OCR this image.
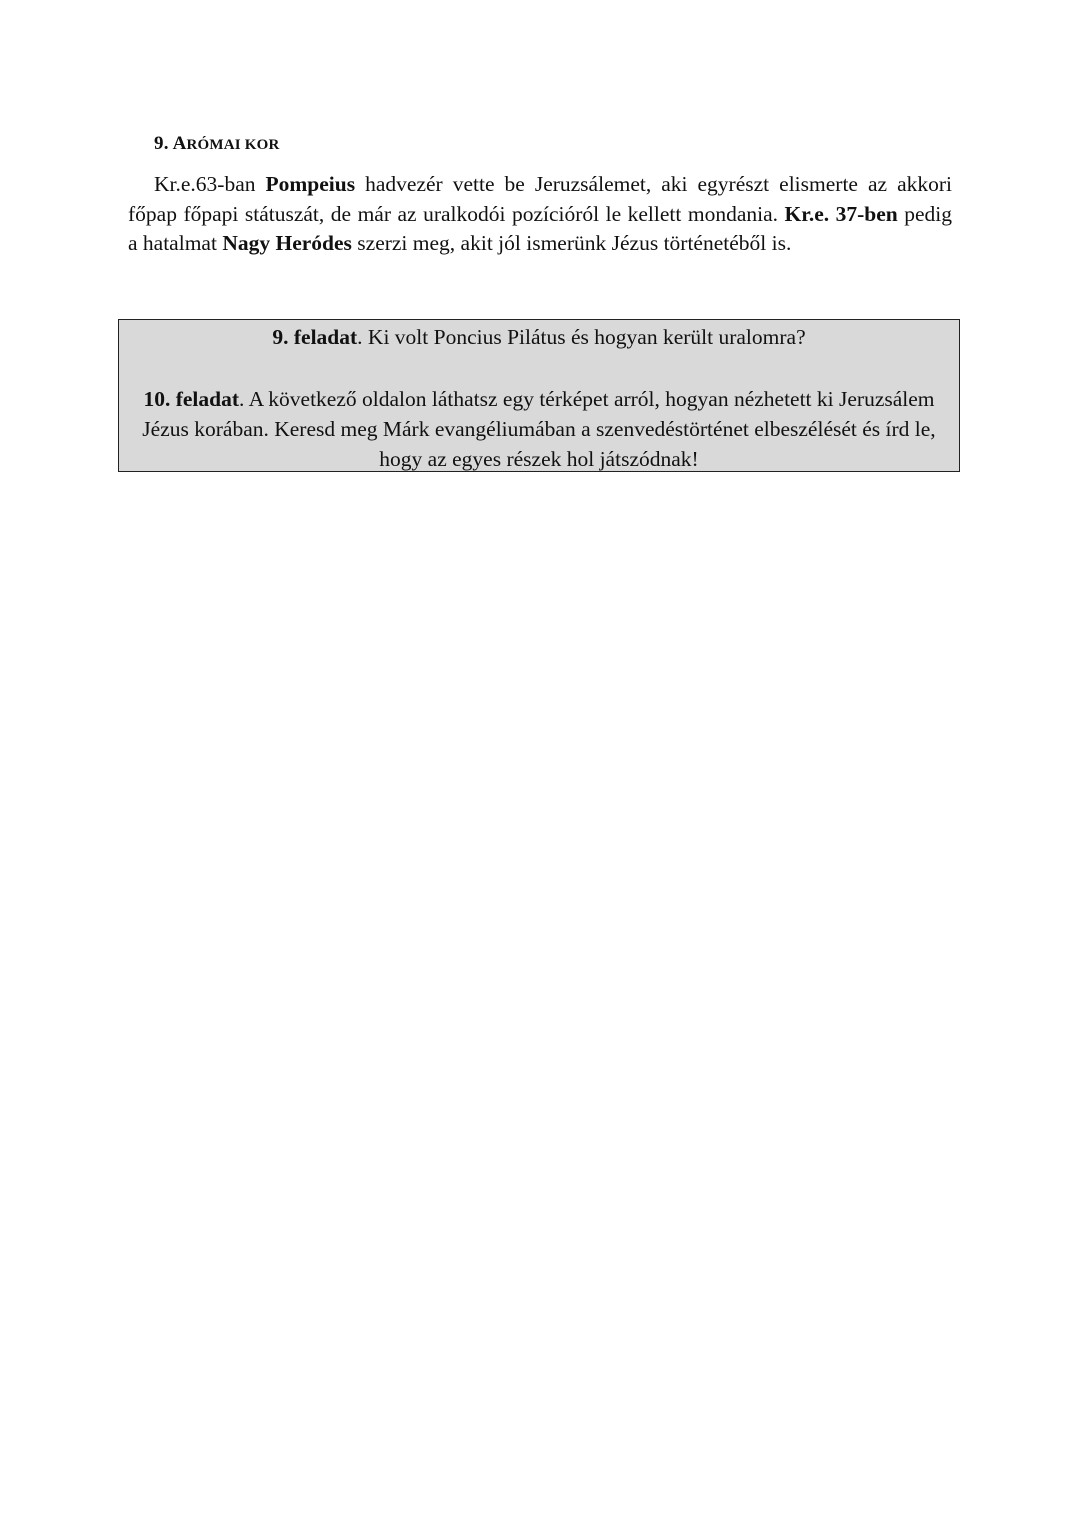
9. ARÓMAI KOR

Kr.e.63-ban Pompeius hadvezér vette be Jeruzsálemet, aki egyrészt elismerte az akkori főpap főpapi státuszát, de már az uralkodói pozícióról le kellett mondania. Kr.e. 37-ben pedig a hatalmat Nagy Heródes szerzi meg, akit jól ismerünk Jézus történetéből is.

9. feladat. Ki volt Poncius Pilátus és hogyan került uralomra?

10. feladat. A következő oldalon láthatsz egy térképet arról, hogyan nézhetett ki Jeruzsálem Jézus korában. Keresd meg Márk evangéliumában a szenvedéstörténet elbeszélését és írd le, hogy az egyes részek hol játszódnak!
